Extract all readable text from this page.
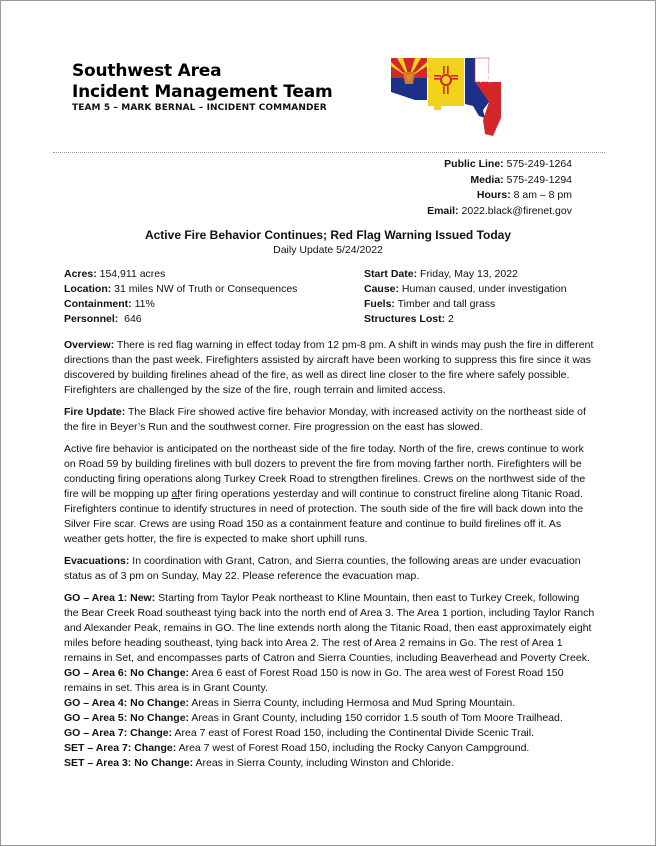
Southwest Area
Incident Management Team
TEAM 5 – MARK BERNAL – INCIDENT COMMANDER
Public Line: 575-249-1264
Media: 575-249-1294
Hours: 8 am – 8 pm
Email: 2022.black@firenet.gov
Active Fire Behavior Continues; Red Flag Warning Issued Today
Daily Update 5/24/2022
Acres: 154,911 acres
Location: 31 miles NW of Truth or Consequences
Containment: 11%
Personnel:  646
Start Date: Friday, May 13, 2022
Cause: Human caused, under investigation
Fuels: Timber and tall grass
Structures Lost: 2

Overview: There is red flag warning in effect today from 12 pm-8 pm. A shift in winds may push the fire in different directions than the past week. Firefighters assisted by aircraft have been working to suppress this fire since it was discovered by building firelines ahead of the fire, as well as direct line closer to the fire where safely possible. Firefighters are challenged by the size of the fire, rough terrain and limited access.

Fire Update: The Black Fire showed active fire behavior Monday, with increased activity on the northeast side of the fire in Beyer’s Run and the southwest corner. Fire progression on the east has slowed.

Active fire behavior is anticipated on the northeast side of the fire today. North of the fire, crews continue to work on Road 59 by building firelines with bull dozers to prevent the fire from moving farther north. Firefighters will be conducting firing operations along Turkey Creek Road to strengthen firelines. Crews on the northwest side of the fire will be mopping up after firing operations yesterday and will continue to construct fireline along Titanic Road. Firefighters continue to identify structures in need of protection. The south side of the fire will back down into the Silver Fire scar. Crews are using Road 150 as a containment feature and continue to build firelines off it. As weather gets hotter, the fire is expected to make short uphill runs.

Evacuations: In coordination with Grant, Catron, and Sierra counties, the following areas are under evacuation status as of 3 pm on Sunday, May 22. Please reference the evacuation map.

GO – Area 1: New: Starting from Taylor Peak northeast to Kline Mountain, then east to Turkey Creek, following the Bear Creek Road southeast tying back into the north end of Area 3. The Area 1 portion, including Taylor Ranch and Alexander Peak, remains in GO. The line extends north along the Titanic Road, then east approximately eight miles before heading southeast, tying back into Area 2. The rest of Area 2 remains in Go. The rest of Area 1 remains in Set, and encompasses parts of Catron and Sierra Counties, including Beaverhead and Poverty Creek.
GO – Area 6: No Change: Area 6 east of Forest Road 150 is now in Go. The area west of Forest Road 150 remains in set. This area is in Grant County.
GO – Area 4: No Change: Areas in Sierra County, including Hermosa and Mud Spring Mountain.
GO – Area 5: No Change: Areas in Grant County, including 150 corridor 1.5 south of Tom Moore Trailhead.
GO – Area 7: Change: Area 7 east of Forest Road 150, including the Continental Divide Scenic Trail.
SET – Area 7: Change: Area 7 west of Forest Road 150, including the Rocky Canyon Campground.
SET – Area 3: No Change: Areas in Sierra County, including Winston and Chloride.
